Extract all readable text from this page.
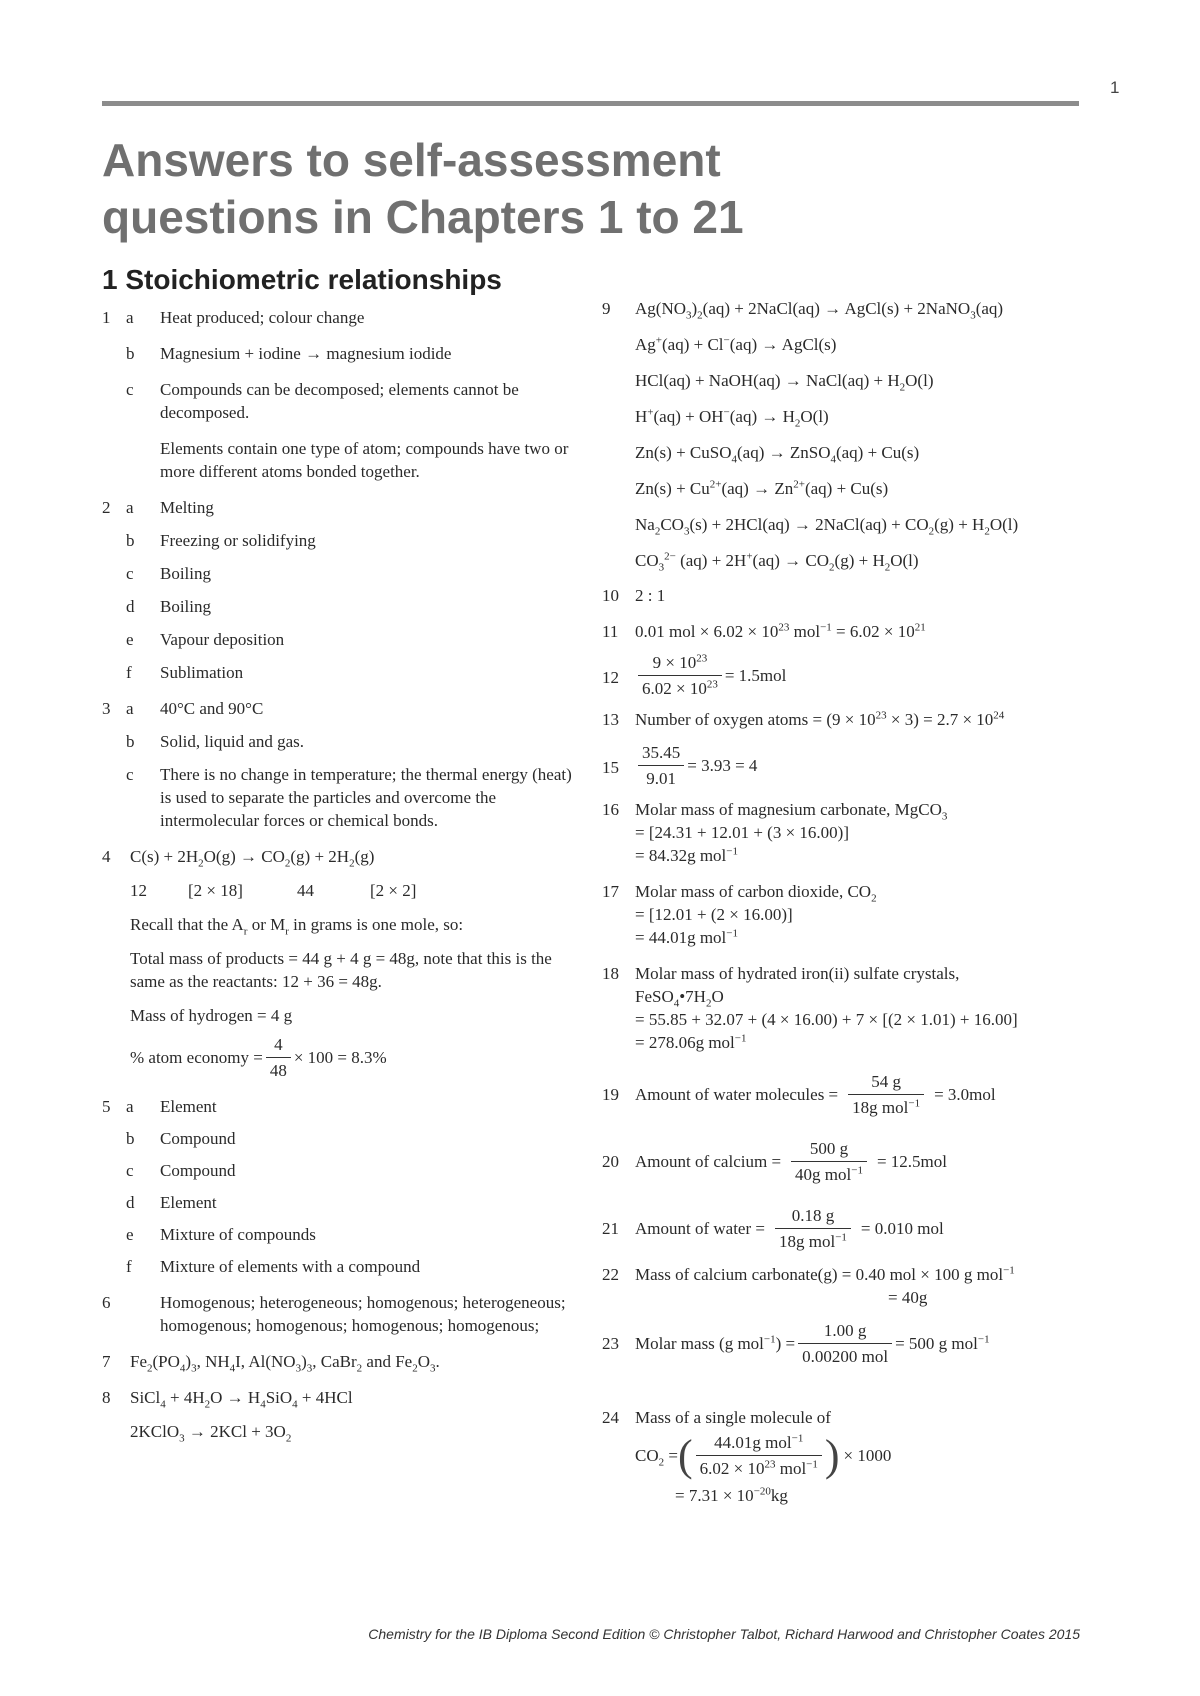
1
Answers to self-assessment
questions in Chapters 1 to 21
1 Stoichiometric relationships
1 a Heat produced; colour change
b Magnesium + iodine → magnesium iodide
c Compounds can be decomposed; elements cannot be decomposed.
Elements contain one type of atom; compounds have two or more different atoms bonded together.
2 a Melting
b Freezing or solidifying
c Boiling
d Boiling
e Vapour deposition
f Sublimation
3 a 40°C and 90°C
b Solid, liquid and gas.
c There is no change in temperature; the thermal energy (heat) is used to separate the particles and overcome the intermolecular forces or chemical bonds.
4 $C(s) + 2H_2O(g) \to CO_2(g) + 2H_2(g)$
12 [2 × 18]	44	[2 × 2]
Recall that the $A_r$ or $M_r$ in grams is one mole, so:
Total mass of products = 44 g + 4 g = 48g, note that this is the same as the reactants: 12 + 36 = 48g.
Mass of hydrogen = 4 g
% atom economy = $\frac{4}{48} \times 100 = 8.3\%$
5 a Element
b Compound
c Compound
d Element
e Mixture of compounds
f Mixture of elements with a compound
6	Homogenous; heterogeneous; homogenous; heterogeneous; homogenous; homogenous; homogenous; homogenous;
7 $Fe_2(PO_4)_3$, $NH_4I$, $Al(NO_3)_3$, CaBr$_2$ and $Fe_2O_3$.
8 SiCl$_4$ + $4H_2O \to H_4SiO_4 + 4HCl$
2KClO$_3$ → $2KCl + 3O_2$
9 $Ag(NO_3)_2(aq)$ + 2NaCl(aq) → AgCl(s) + 2NaNO$_3$(aq)
Ag+(aq) + Cl−(aq) → AgCl(s)
HCl(aq) + NaOH(aq) → NaCl(aq) + $H_2O(l)$
$H^+(aq) + OH^-(aq) \to H_2O(l)$
Zn(s) + CuSO$_4$(aq) → ZnSO$_4$(aq) + Cu(s)
$Zn(s) + Cu^{2+}(aq) \to Zn^{2+}(aq) + Cu(s)$
$Na_2CO_3(s) + 2HCl(aq)$ → 2NaCl(aq) + $CO_2(g) + H_2O(l)$
$CO_3^{2-}$ $(aq) + 2H^+(aq) \to CO_2(g) + H_2O(l)$
10 2 : 1
11 0.01 mol × $6.02 \times 10^{23}$ $mol^{-1} = 6.02 \times 10^{21}$
$12 \frac{9 \times 10^{23}}{6.02 \times 10^{23}} = 1.5mol$
13 Number of oxygen atoms = $(9 \times 10^{23} \times 3) = 2.7 \times 10^{24}$
$15 \frac{35.45}{9.01} = 3.93 = 4$
16 Molar mass of magnesium carbonate, MgCO$_3$
= [24.31 + 12.01 + (3 × 16.00)]
= 84.32g mol$^{-1}$
17 Molar mass of carbon dioxide, $CO_2$
= [12.01 + (2 × 16.00)]
= 44.01g mol$^{-1}$
18 Molar mass of hydrated iron(ii) sulfate crystals,
$FeSO_4•7H_2O$
= 55.85 + 32.07 + (4 × 16.00) + 7 × [(2 × 1.01) + 16.00]
= 278.06g mol$^{-1}$
19 Amount of water molecules = $\frac{54 g}{18g mol^{-1}} = 3.0mol$
20 Amount of calcium = $\frac{500 g}{40g mol^{-1}} = 12.5mol$
21 Amount of water = $\frac{0.18 g}{18g mol^{-1}} = 0.010$ mol
22 Mass of calcium carbonate(g) = 0.40 mol × 100 g mol$^{-1}$
= 40g
23 Molar mass (g $mol^{-1}) = \frac{1.00 g}{\text{0.00200 mol}} = 500$ g mol$^{-1}$
24 Mass of a single molecule of
$CO_2$ = ( $\frac{44.01g mol^{-1}}{6.02 \times 10^{23} mol^{-1}}$ ) × 1000
= $7.31 \times 10^{-20}kg$
Chemistry for the IB Diploma Second Edition © Christopher Talbot, Richard Harwood and Christopher Coates 2015
